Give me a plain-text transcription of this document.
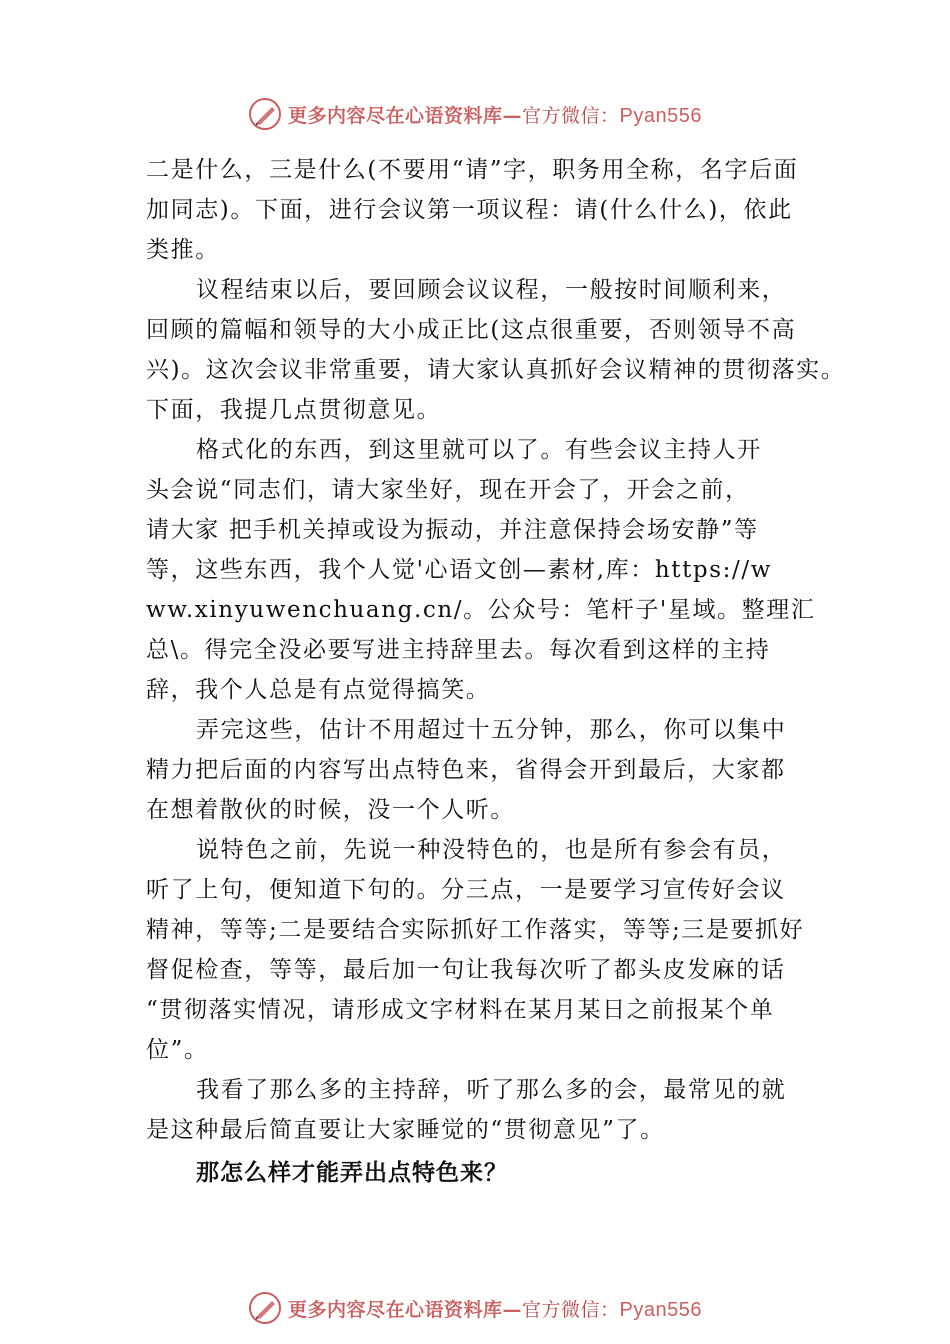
更多内容尽在心语资料库—官方微信：Pyan556
二是什么，三是什么(不要用“请”字，职务用全称，名字后面
加同志)。下面，进行会议第一项议程：请(什么什么)，依此
类推。
议程结束以后，要回顾会议议程，一般按时间顺利来，
回顾的篇幅和领导的大小成正比(这点很重要，否则领导不高
兴)。这次会议非常重要，请大家认真抓好会议精神的贯彻落实。
下面，我提几点贯彻意见。
格式化的东西，到这里就可以了。有些会议主持人开
头会说“同志们，请大家坐好，现在开会了，开会之前，
请大家 把手机关掉或设为振动，并注意保持会场安静”等
等，这些东西，我个人觉'心语文创—素材,库：https://w
ww.xinyuwenchuang.cn/。公众号：笔杆子'星域。整理汇
总\。得完全没必要写进主持辞里去。每次看到这样的主持
辞，我个人总是有点觉得搞笑。
弄完这些，估计不用超过十五分钟，那么，你可以集中
精力把后面的内容写出点特色来，省得会开到最后，大家都
在想着散伙的时候，没一个人听。
说特色之前，先说一种没特色的，也是所有参会有员，
听了上句，便知道下句的。分三点，一是要学习宣传好会议
精神，等等;二是要结合实际抓好工作落实，等等;三是要抓好
督促检查，等等，最后加一句让我每次听了都头皮发麻的话
“贯彻落实情况，请形成文字材料在某月某日之前报某个单
位”。
我看了那么多的主持辞，听了那么多的会，最常见的就
是这种最后简直要让大家睡觉的“贯彻意见”了。
那怎么样才能弄出点特色来？
更多内容尽在心语资料库—官方微信：Pyan556
